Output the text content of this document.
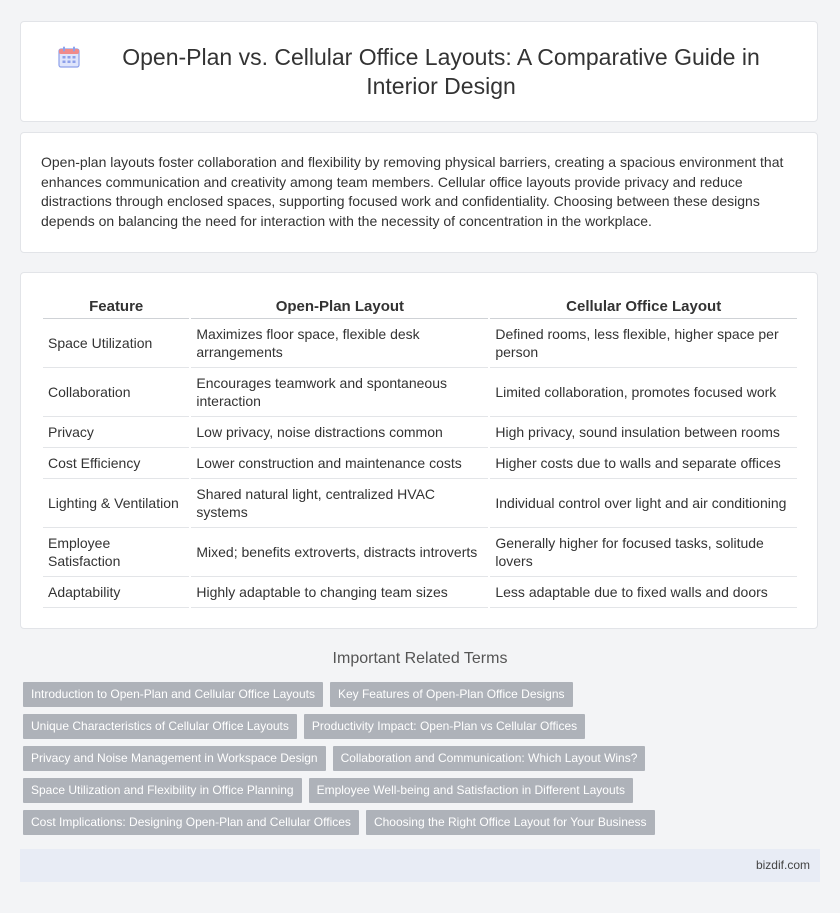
Open-Plan vs. Cellular Office Layouts: A Comparative Guide in Interior Design

Open-plan layouts foster collaboration and flexibility by removing physical barriers, creating a spacious environment that enhances communication and creativity among team members. Cellular office layouts provide privacy and reduce distractions through enclosed spaces, supporting focused work and confidentiality. Choosing between these designs depends on balancing the need for interaction with the necessity of concentration in the workplace.

Feature	Open-Plan Layout	Cellular Office Layout
Space Utilization	Maximizes floor space, flexible desk arrangements	Defined rooms, less flexible, higher space per person
Collaboration	Encourages teamwork and spontaneous interaction	Limited collaboration, promotes focused work
Privacy	Low privacy, noise distractions common	High privacy, sound insulation between rooms
Cost Efficiency	Lower construction and maintenance costs	Higher costs due to walls and separate offices
Lighting & Ventilation	Shared natural light, centralized HVAC systems	Individual control over light and air conditioning
Employee Satisfaction	Mixed; benefits extroverts, distracts introverts	Generally higher for focused tasks, solitude lovers
Adaptability	Highly adaptable to changing team sizes	Less adaptable due to fixed walls and doors
Important Related Terms
Introduction to Open-Plan and Cellular Office Layouts	Key Features of Open-Plan Office Designs
Unique Characteristics of Cellular Office Layouts	Productivity Impact: Open-Plan vs Cellular Offices
Privacy and Noise Management in Workspace Design	Collaboration and Communication: Which Layout Wins?
Space Utilization and Flexibility in Office Planning	Employee Well-being and Satisfaction in Different Layouts
Cost Implications: Designing Open-Plan and Cellular Offices	Choosing the Right Office Layout for Your Business
bizdif.com
